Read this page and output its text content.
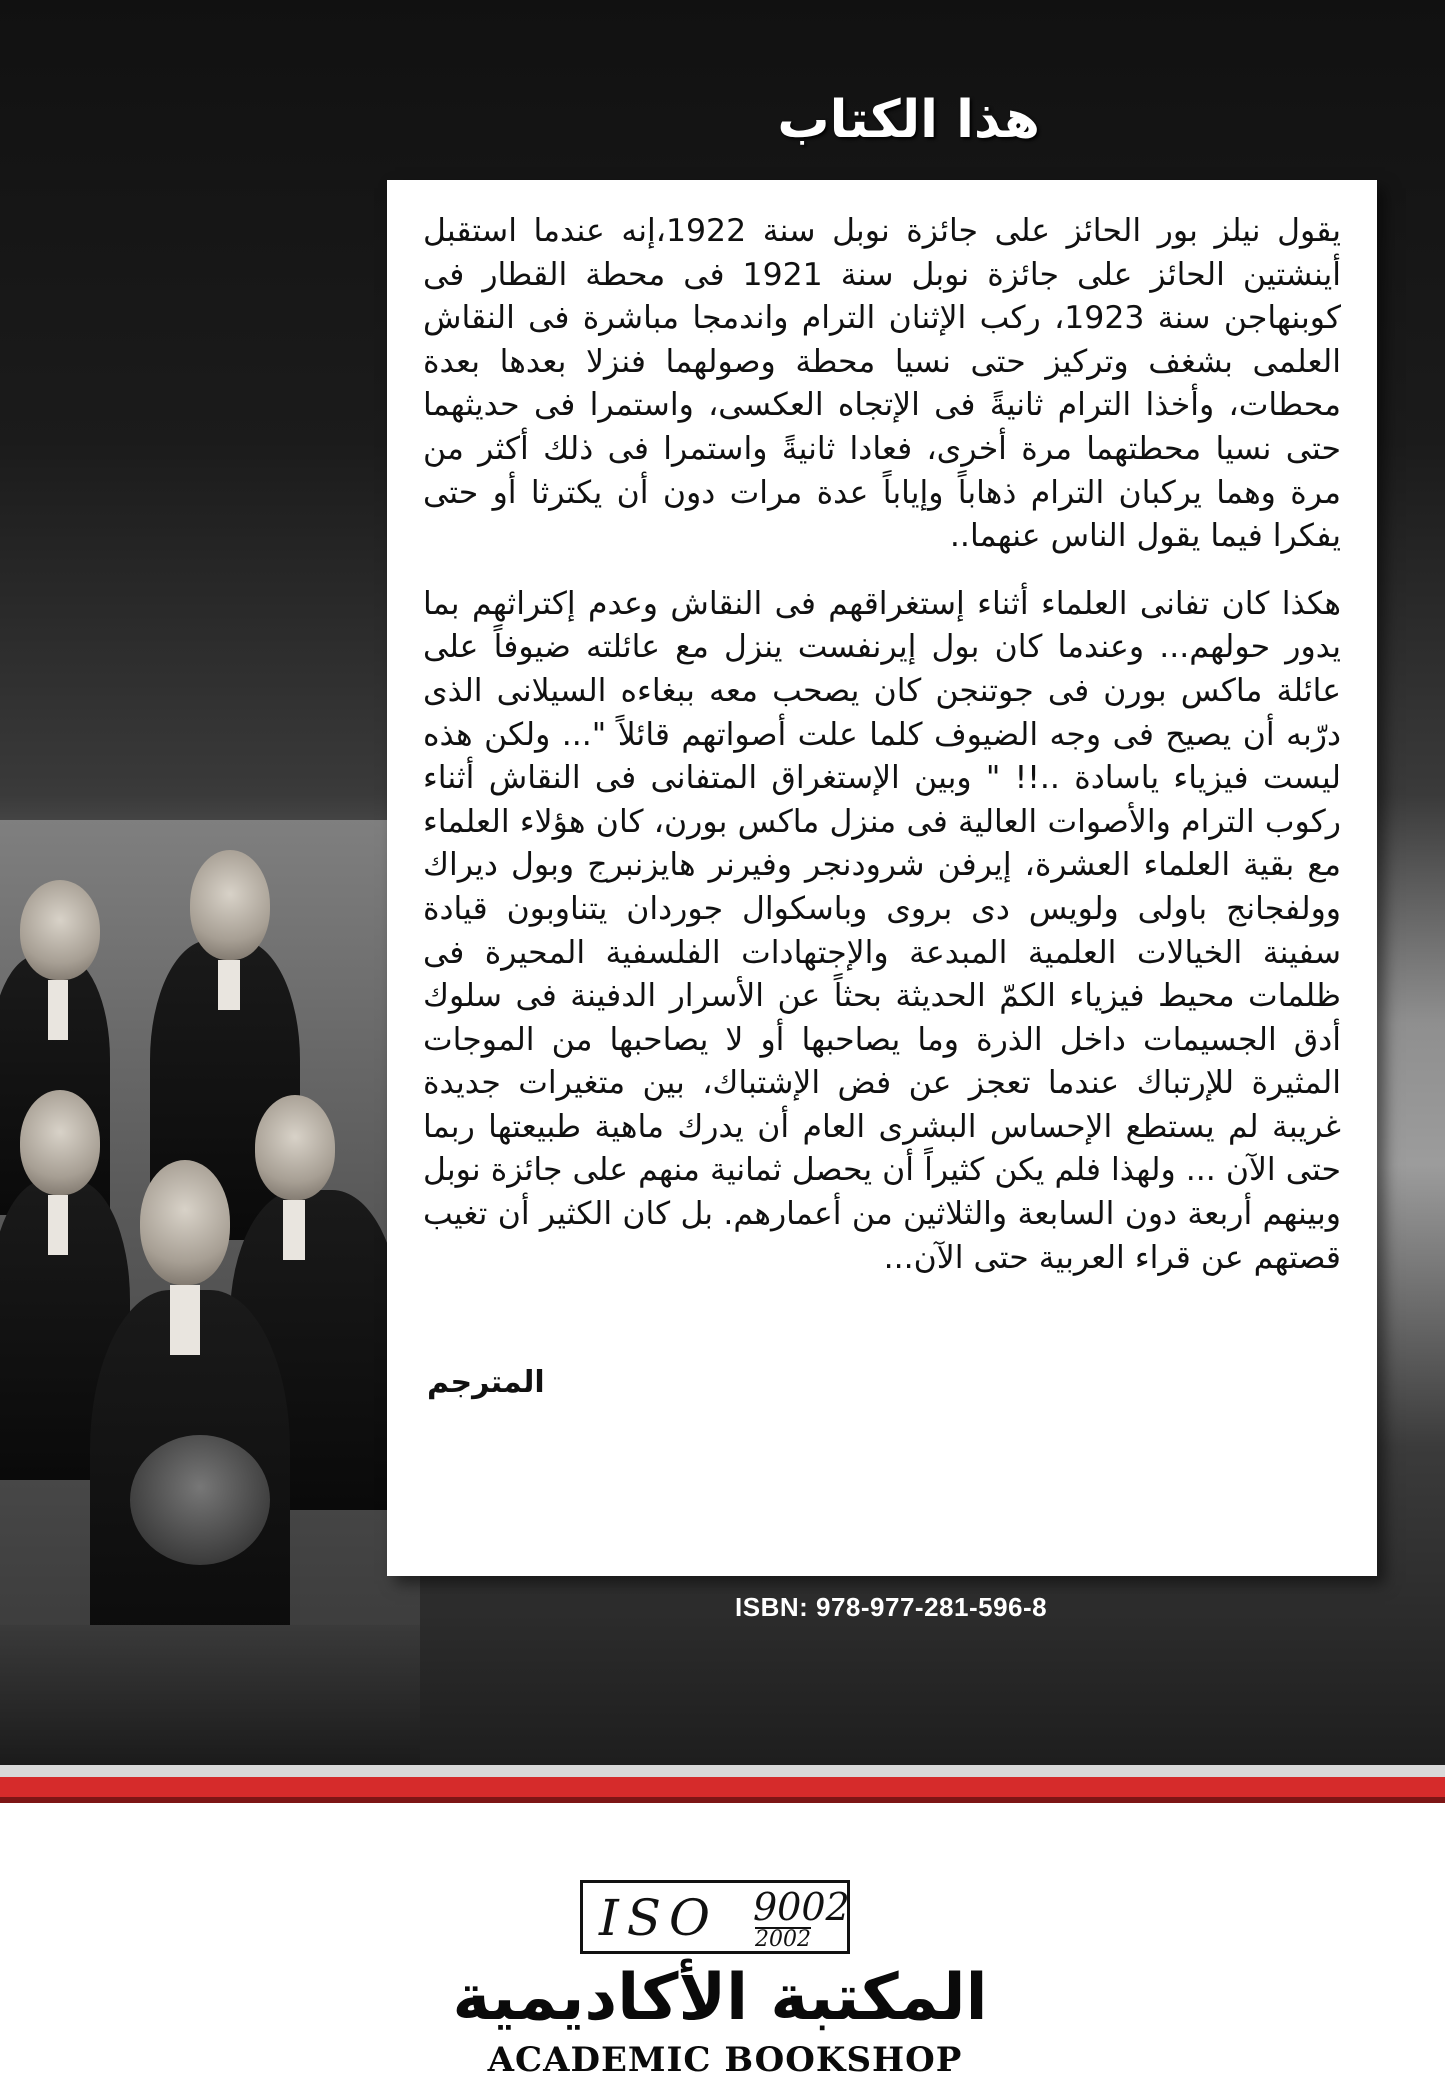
هذا الكتاب

يقول نيلز بور الحائز على جائزة نوبل سنة 1922،إنه عندما استقبل أينشتين الحائز على جائزة نوبل سنة 1921 فى محطة القطار فى كوبنهاجن سنة 1923، ركب الإثنان الترام واندمجا مباشرة فى النقاش العلمى بشغف وتركيز حتى نسيا محطة وصولهما فنزلا بعدها بعدة محطات، وأخذا الترام ثانيةً فى الإتجاه العكسى، واستمرا فى حديثهما حتى نسيا محطتهما مرة أخرى، فعادا ثانيةً واستمرا فى ذلك أكثر من مرة وهما يركبان الترام ذهاباً وإياباً عدة مرات دون أن يكترثا أو حتى يفكرا فيما يقول الناس عنهما..

هكذا كان تفانى العلماء أثناء إستغراقهم فى النقاش وعدم إكتراثهم بما يدور حولهم... وعندما كان بول إيرنفست ينزل مع عائلته ضيوفاً على عائلة ماكس بورن فى جوتنجن كان يصحب معه ببغاءه السيلانى الذى درّبه أن يصيح فى وجه الضيوف كلما علت أصواتهم قائلاً "... ولكن هذه ليست فيزياء ياسادة ..!! " وبين الإستغراق المتفانى فى النقاش أثناء ركوب الترام والأصوات العالية فى منزل ماكس بورن، كان هؤلاء العلماء مع بقية العلماء العشرة، إيرفن شرودنجر وفيرنر هايزنبرج وبول ديراك وولفجانج باولى ولويس دى بروى وباسكوال جوردان يتناوبون قيادة سفينة الخيالات العلمية المبدعة والإجتهادات الفلسفية المحيرة فى ظلمات محيط فيزياء الكمّ الحديثة بحثاً عن الأسرار الدفينة فى سلوك أدق الجسيمات داخل الذرة وما يصاحبها أو لا يصاحبها من الموجات المثيرة للإرتباك عندما تعجز عن فض الإشتباك، بين متغيرات جديدة غريبة لم يستطع الإحساس البشرى العام أن يدرك ماهية طبيعتها ربما حتى الآن ... ولهذا فلم يكن كثيراً أن يحصل ثمانية منهم على جائزة نوبل وبينهم أربعة دون السابعة والثلاثين من أعمارهم. بل كان الكثير أن تغيب قصتهم عن قراء العربية حتى الآن...

المترجم
ISBN: 978-977-281-596-8
ISO 9002
2002
المكتبة الأكاديمية
ACADEMIC BOOKSHOP
